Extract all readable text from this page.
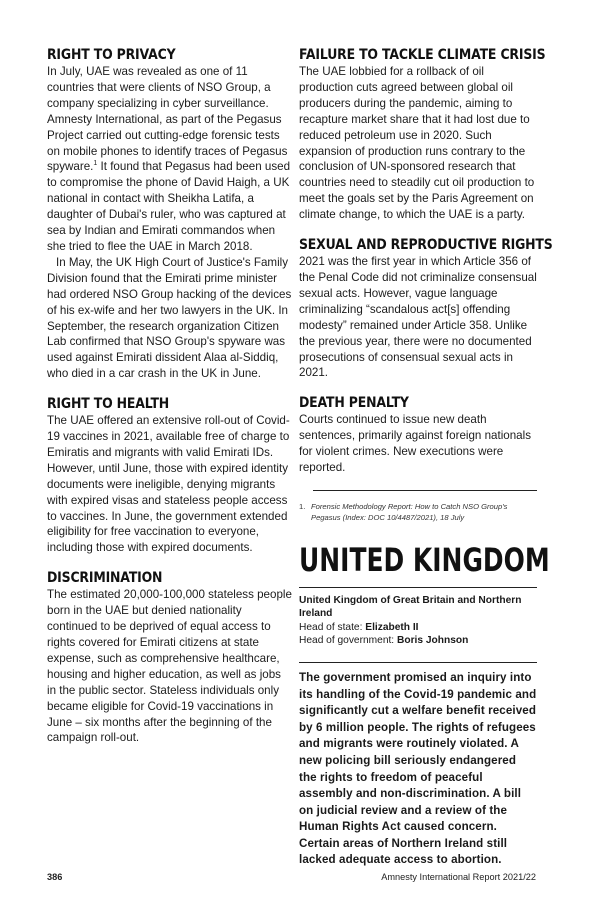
RIGHT TO PRIVACY

In July, UAE was revealed as one of 11 countries that were clients of NSO Group, a company specializing in cyber surveillance. Amnesty International, as part of the Pegasus Project carried out cutting-edge forensic tests on mobile phones to identify traces of Pegasus spyware.$^1$ It found that Pegasus had been used to compromise the phone of David Haigh, a UK national in contact with Sheikha Latifa, a daughter of Dubai's ruler, who was captured at sea by Indian and Emirati commandos when she tried to flee the UAE in March 2018.

In May, the UK High Court of Justice's Family Division found that the Emirati prime minister had ordered NSO Group hacking of the devices of his ex-wife and her two lawyers in the UK. In September, the research organization Citizen Lab confirmed that NSO Group's spyware was used against Emirati dissident Alaa al-Siddiq, who died in a car crash in the UK in June.

RIGHT TO HEALTH

The UAE offered an extensive roll-out of Covid-19 vaccines in 2021, available free of charge to Emiratis and migrants with valid Emirati IDs. However, until June, those with expired identity documents were ineligible, denying migrants with expired visas and stateless people access to vaccines. In June, the government extended eligibility for free vaccination to everyone, including those with expired documents.

DISCRIMINATION

The estimated 20,000-100,000 stateless people born in the UAE but denied nationality continued to be deprived of equal access to rights covered for Emirati citizens at state expense, such as comprehensive healthcare, housing and higher education, as well as jobs in the public sector. Stateless individuals only became eligible for Covid-19 vaccinations in June – six months after the beginning of the campaign roll-out.

FAILURE TO TACKLE CLIMATE CRISIS

The UAE lobbied for a rollback of oil production cuts agreed between global oil producers during the pandemic, aiming to recapture market share that it had lost due to reduced petroleum use in 2020. Such expansion of production runs contrary to the conclusion of UN-sponsored research that countries need to steadily cut oil production to meet the goals set by the Paris Agreement on climate change, to which the UAE is a party.

SEXUAL AND REPRODUCTIVE RIGHTS

2021 was the first year in which Article 356 of the Penal Code did not criminalize consensual sexual acts. However, vague language criminalizing “scandalous act[s] offending modesty” remained under Article 358. Unlike the previous year, there were no documented prosecutions of consensual sexual acts in 2021.

DEATH PENALTY

Courts continued to issue new death sentences, primarily against foreign nationals for violent crimes. New executions were reported.

1. Forensic Methodology Report: How to Catch NSO Group's Pegasus (Index: DOC 10/4487/2021), 18 July
UNITED KINGDOM
United Kingdom of Great Britain and Northern Ireland
Head of state: Elizabeth II
Head of government: Boris Johnson
The government promised an inquiry into its handling of the Covid-19 pandemic and significantly cut a welfare benefit received by 6 million people. The rights of refugees and migrants were routinely violated. A new policing bill seriously endangered the rights to freedom of peaceful assembly and non-discrimination. A bill on judicial review and a review of the Human Rights Act caused concern. Certain areas of Northern Ireland still lacked adequate access to abortion.
386	Amnesty International Report 2021/22
